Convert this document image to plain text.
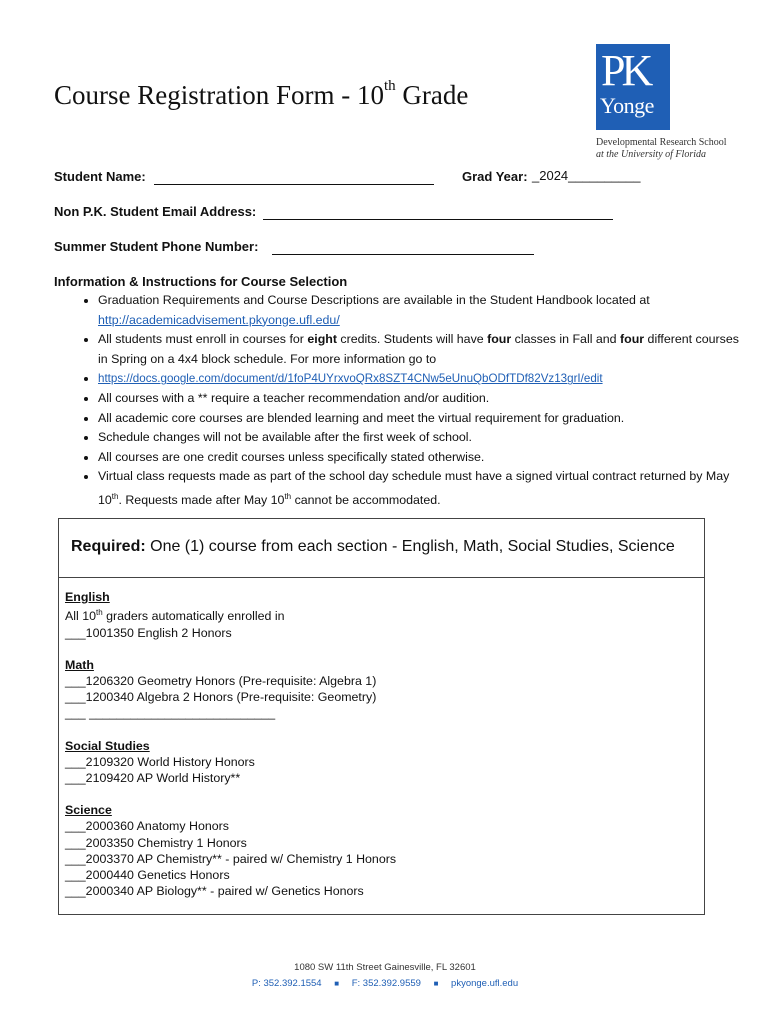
Course Registration Form - 10th Grade	PK
Yonge
Developmental Research School
at the University of Florida
Student Name:	Grad Year: _2024__________
Non P.K. Student Email Address:
Summer Student Phone Number:
Information & Instructions for Course Selection
• Graduation Requirements and Course Descriptions are available in the Student Handbook located at
http://academicadvisement.pkyonge.ufl.edu/
• All students must enroll in courses for eight credits. Students will have four classes in Fall and four different courses in Spring on a 4x4 block schedule. For more information go to
• https://docs.google.com/document/d/1foP4UYrxvoQRx8SZT4CNw5eUnuQbODfTDf82Vz13grI/edit
• All courses with a ** require a teacher recommendation and/or audition.
• All academic core courses are blended learning and meet the virtual requirement for graduation.
• Schedule changes will not be available after the first week of school.
• All courses are one credit courses unless specifically stated otherwise.
• Virtual class requests made as part of the school day schedule must have a signed virtual contract returned by May 10th. Requests made after May 10th cannot be accommodated.
Required: One (1) course from each section - English, Math, Social Studies, Science
English
All 10th graders automatically enrolled in
___1001350 English 2 Honors
Math
___1206320 Geometry Honors (Pre-requisite: Algebra 1)
___1200340 Algebra 2 Honors (Pre-requisite: Geometry)
___ ___________________________
Social Studies
___2109320 World History Honors
___2109420 AP World History**
Science
___2000360 Anatomy Honors
___2003350 Chemistry 1 Honors
___2003370 AP Chemistry** - paired w/ Chemistry 1 Honors
___2000440 Genetics Honors
___2000340 AP Biology** - paired w/ Genetics Honors
1080 SW 11th Street Gainesville, FL 32601
P: 352.392.1554 ■ F: 352.392.9559 ■ pkyonge.ufl.edu
